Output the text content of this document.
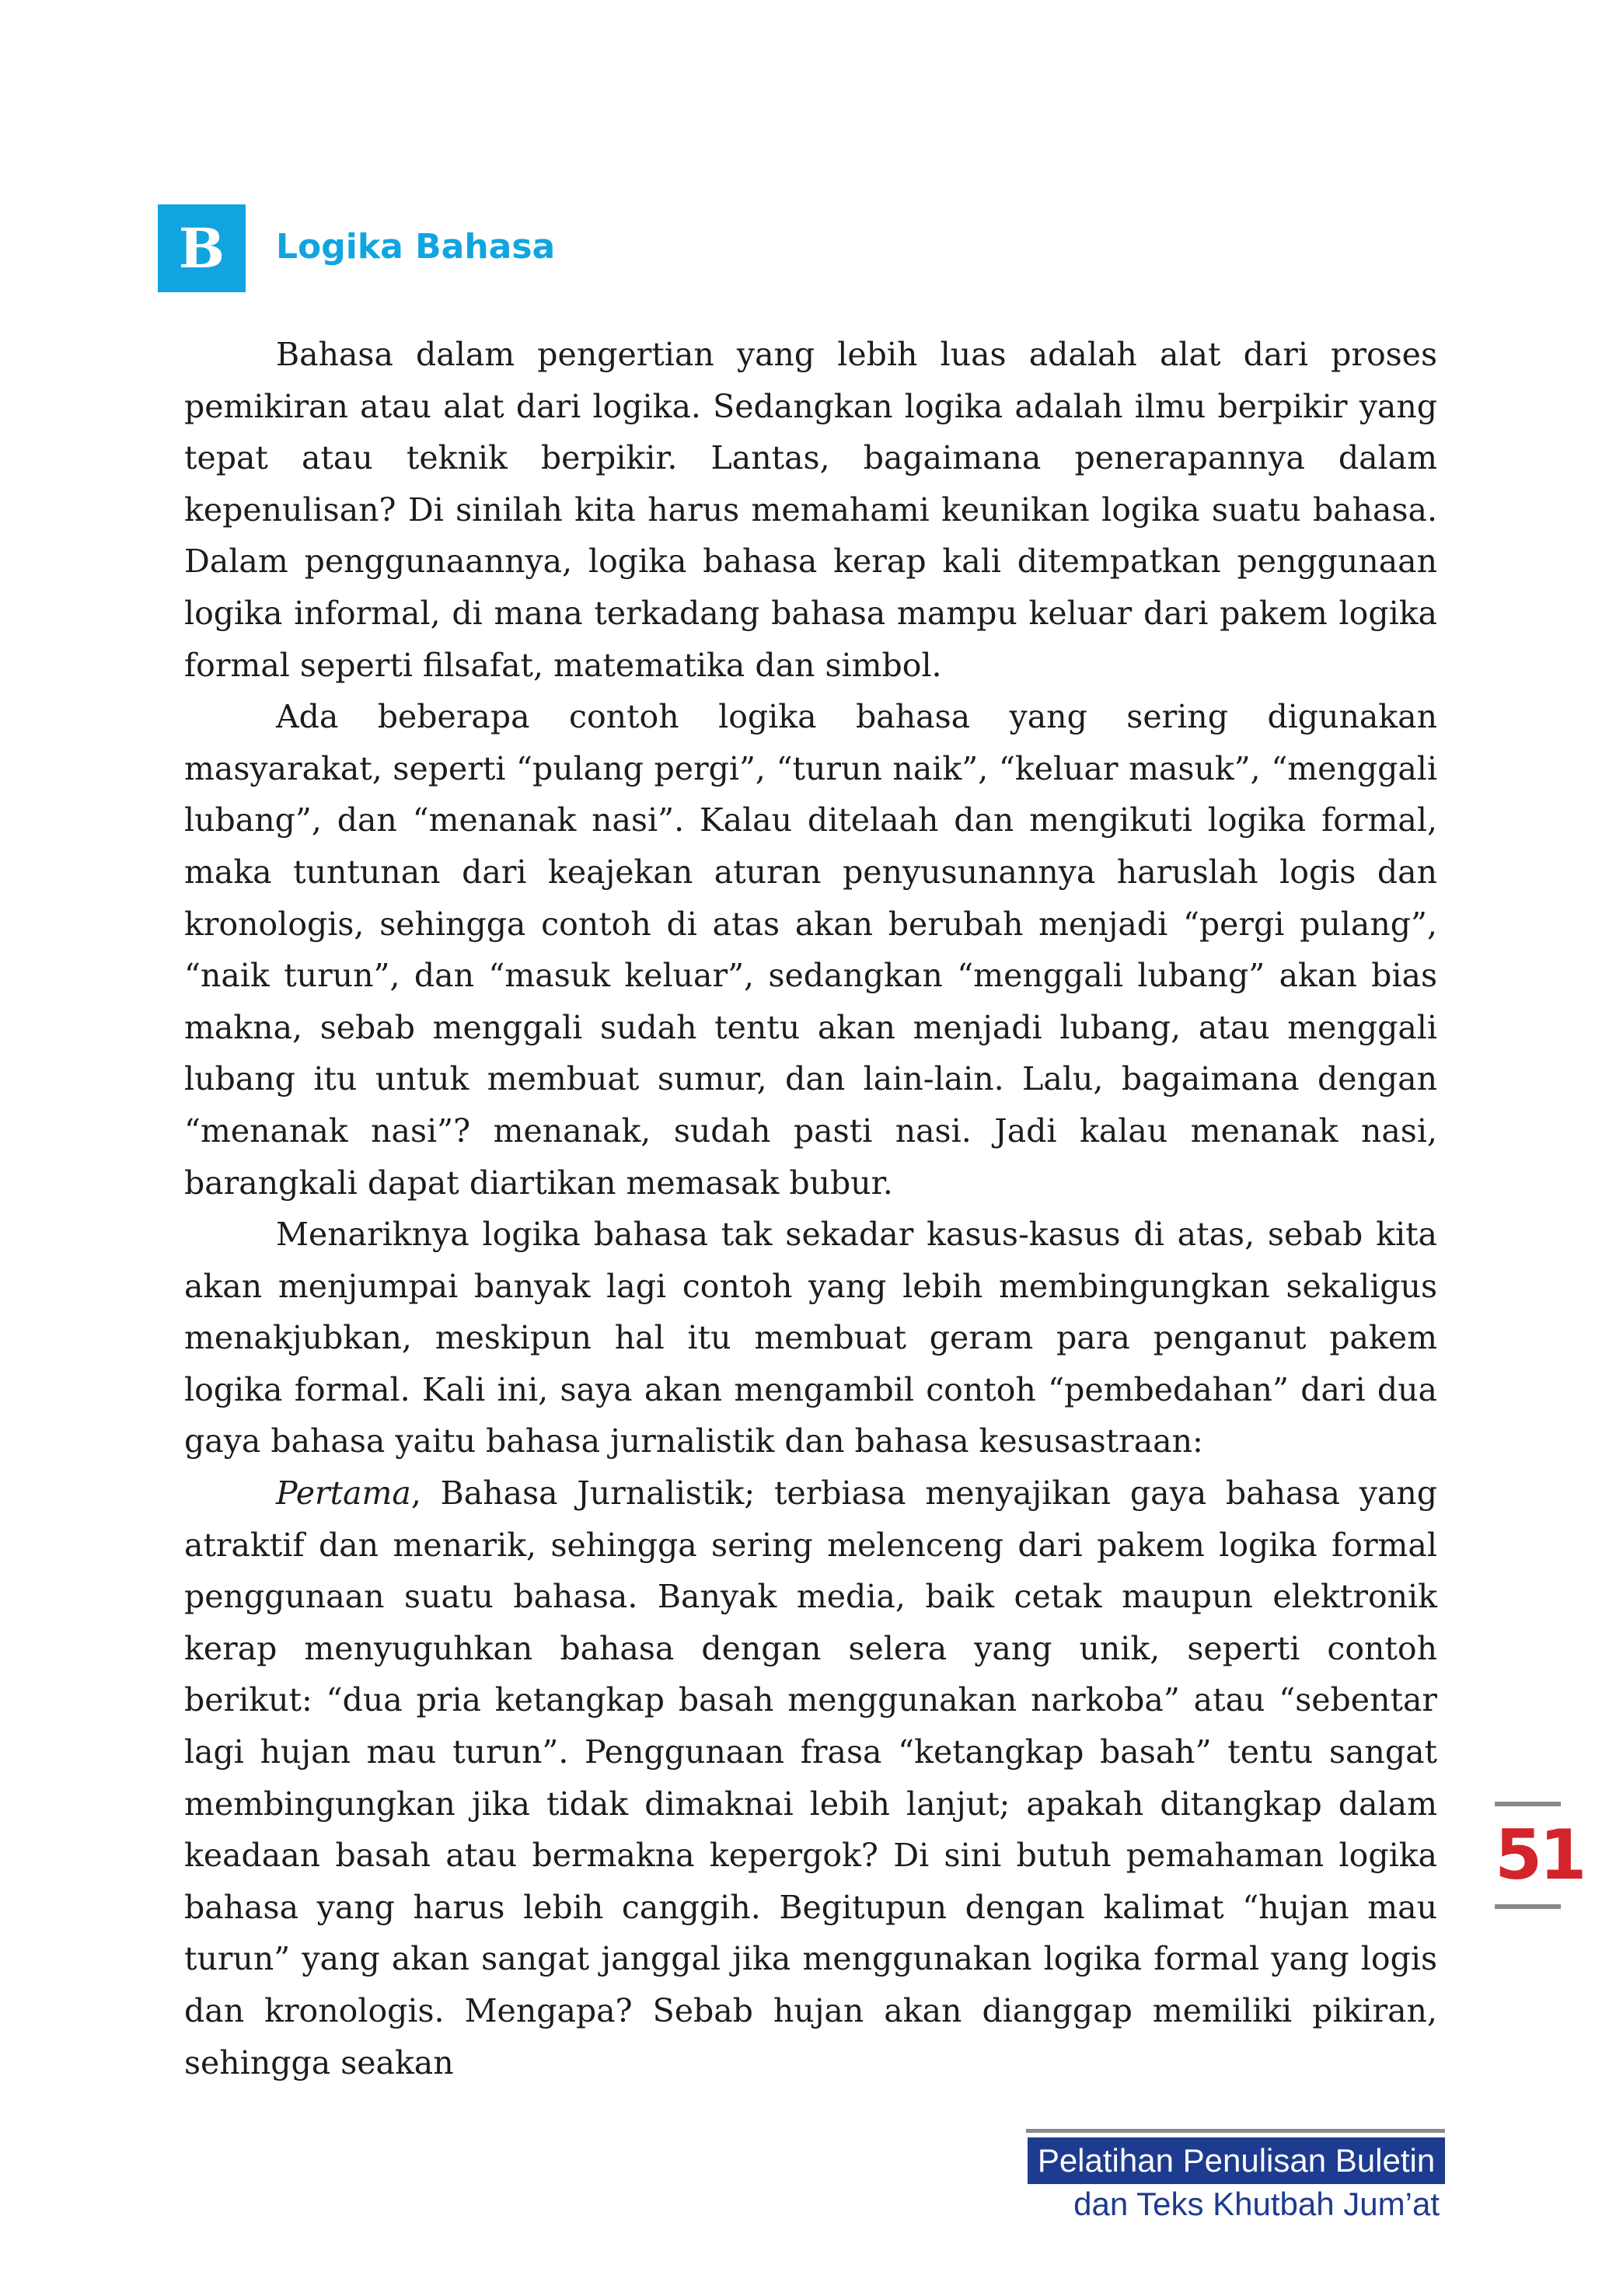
B	Logika Bahasa

Bahasa dalam pengertian yang lebih luas adalah alat dari proses pemikiran atau alat dari logika. Sedangkan logika adalah ilmu berpikir yang tepat atau teknik berpikir. Lantas, bagaimana penerapannya dalam kepenulisan? Di sinilah kita harus memahami keunikan logika suatu bahasa. Dalam penggunaannya, logika bahasa kerap kali ditempatkan penggunaan logika informal, di mana terkadang bahasa mampu keluar dari pakem logika formal seperti filsafat, matematika dan simbol.

Ada beberapa contoh logika bahasa yang sering digunakan masyarakat, seperti “pulang pergi”, “turun naik”, “keluar masuk”, “menggali lubang”, dan “menanak nasi”. Kalau ditelaah dan mengikuti logika formal, maka tuntunan dari keajekan aturan penyusunannya haruslah logis dan kronologis, sehingga contoh di atas akan berubah menjadi “pergi pulang”, “naik turun”, dan “masuk keluar”, sedangkan “menggali lubang” akan bias makna, sebab menggali sudah tentu akan menjadi lubang, atau menggali lubang itu untuk membuat sumur, dan lain-lain. Lalu, bagaimana dengan “menanak nasi”? menanak, sudah pasti nasi. Jadi kalau menanak nasi, barangkali dapat diartikan memasak bubur.

Menariknya logika bahasa tak sekadar kasus-kasus di atas, sebab kita akan menjumpai banyak lagi contoh yang lebih membingungkan sekaligus menakjubkan, meskipun hal itu membuat geram para penganut pakem logika formal. Kali ini, saya akan mengambil contoh “pembedahan” dari dua gaya bahasa yaitu bahasa jurnalistik dan bahasa kesusastraan:

Pertama, Bahasa Jurnalistik; terbiasa menyajikan gaya bahasa yang atraktif dan menarik, sehingga sering melenceng dari pakem logika formal penggunaan suatu bahasa. Banyak media, baik cetak maupun elektronik kerap menyuguhkan bahasa dengan selera yang unik, seperti contoh berikut: “dua pria ketangkap basah menggunakan narkoba” atau “sebentar lagi hujan mau turun”. Penggunaan frasa “ketangkap basah” tentu sangat membingungkan jika tidak dimaknai lebih lanjut; apakah ditangkap dalam keadaan basah atau bermakna kepergok? Di sini butuh pemahaman logika bahasa yang harus lebih canggih. Begitupun dengan kalimat “hujan mau turun” yang akan sangat janggal jika menggunakan logika formal yang logis dan kronologis. Mengapa? Sebab hujan akan dianggap memiliki pikiran, sehingga seakan

51
Pelatihan Penulisan Buletin
dan Teks Khutbah Jum’at
